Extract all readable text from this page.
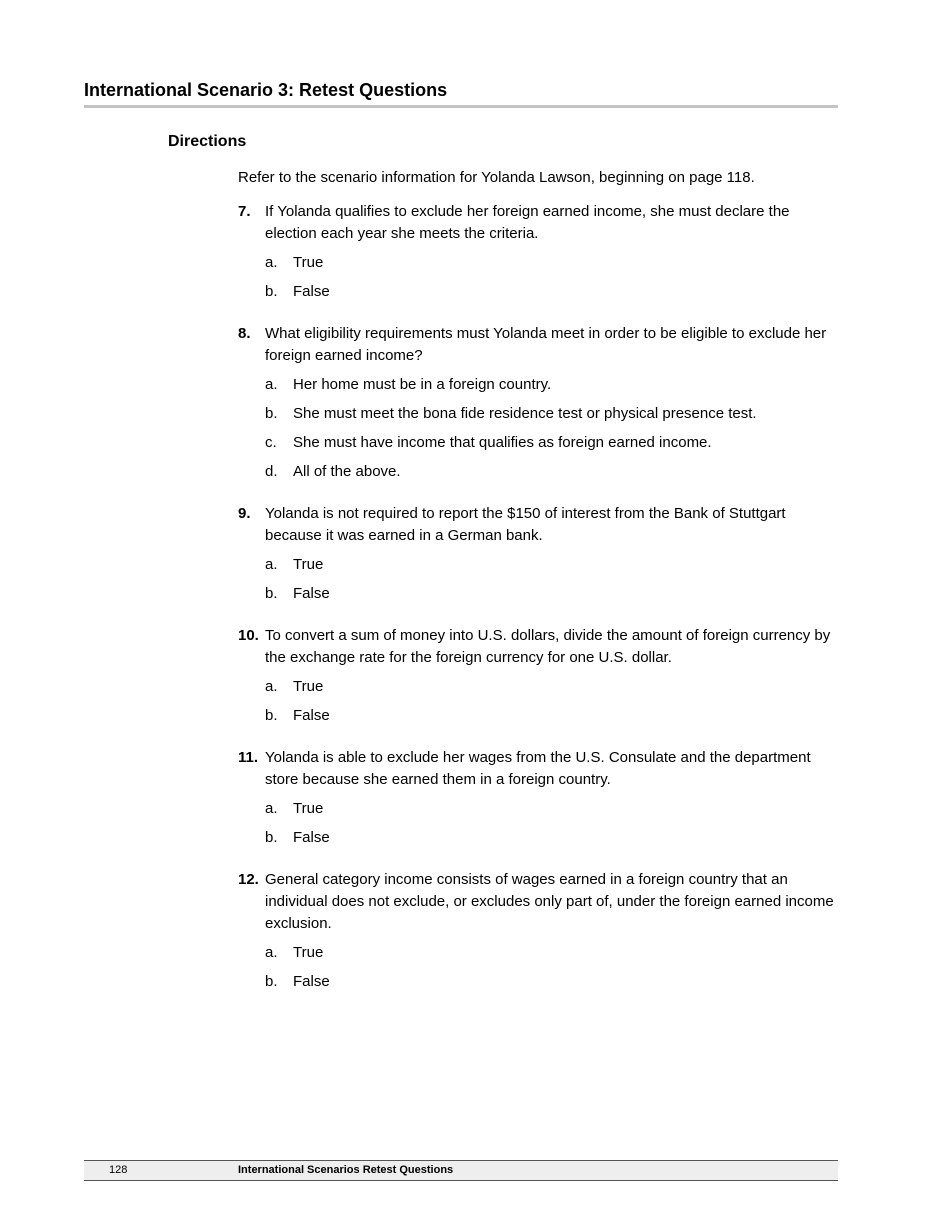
International Scenario 3: Retest Questions
Directions

Refer to the scenario information for Yolanda Lawson, beginning on page 118.

7. If Yolanda qualifies to exclude her foreign earned income, she must declare the election each year she meets the criteria.

a. True
b. False
8. What eligibility requirements must Yolanda meet in order to be eligible to exclude her foreign earned income?

a. Her home must be in a foreign country.
b. She must meet the bona fide residence test or physical presence test.
c. She must have income that qualifies as foreign earned income.
d. All of the above.
9. Yolanda is not required to report the $150 of interest from the Bank of Stuttgart because it was earned in a German bank.

a. True
b. False
10. To convert a sum of money into U.S. dollars, divide the amount of foreign currency by the exchange rate for the foreign currency for one U.S. dollar.

a. True
b. False
11. Yolanda is able to exclude her wages from the U.S. Consulate and the department store because she earned them in a foreign country.

a. True
b. False
12. General category income consists of wages earned in a foreign country that an individual does not exclude, or excludes only part of, under the foreign earned income exclusion.

a. True
b. False
128	International Scenarios Retest Questions
